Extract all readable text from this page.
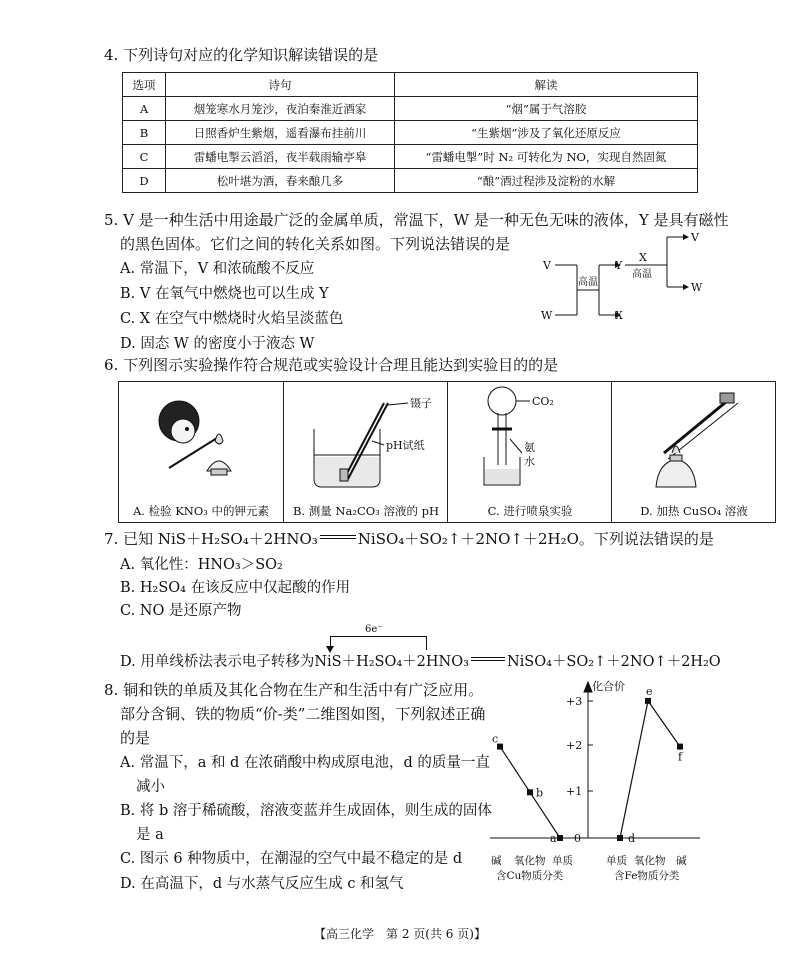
4. 下列诗句对应的化学知识解读错误的是
选项	诗句	解读
A	烟笼寒水月笼沙，夜泊秦淮近酒家	“烟”属于气溶胶
B	日照香炉生紫烟，遥看瀑布挂前川	“生紫烟”涉及了氧化还原反应
C	雷蟠电掣云滔滔，夜半载雨输亭皋	“雷蟠电掣”时 N₂ 可转化为 NO，实现自然固氮
D	松叶堪为酒，春来酿几多	“酿”酒过程涉及淀粉的水解
5. V 是一种生活中用途最广泛的金属单质，常温下，W 是一种无色无味的液体，Y 是具有磁性
的黑色固体。它们之间的转化关系如图。下列说法错误的是
A. 常温下，V 和浓硫酸不反应
B. V 在氧气中燃烧也可以生成 Y
C. X 在空气中燃烧时火焰呈淡蓝色
D. 固态 W 的密度小于液态 W
V
W
高温
Y
X
X
高温
V
W
6. 下列图示实验操作符合规范或实验设计合理且能达到实验目的的是
A. 检验 KNO₃ 中的钾元素
镊子
pH试纸
B. 测量 Na₂CO₃ 溶液的 pH
CO₂
氨
水
C. 进行喷泉实验	D. 加热 CuSO₄ 溶液
7. 已知 NiS＋H₂SO₄＋2HNO₃	NiSO₄＋SO₂↑＋2NO↑＋2H₂O。下列说法错误的是
A. 氧化性：HNO₃＞SO₂
B. H₂SO₄ 在该反应中仅起酸的作用
C. NO 是还原产物
6e⁻
D. 用单线桥法表示电子转移为NiS＋H₂SO₄＋2HNO₃	NiSO₄＋SO₂↑＋2NO↑＋2H₂O
8. 铜和铁的单质及其化合物在生产和生活中有广泛应用。
部分含铜、铁的物质“价-类”二维图如图，下列叙述正确
的是
A. 常温下，a 和 d 在浓硝酸中构成原电池，d 的质量一直
减小
B. 将 b 溶于稀硫酸，溶液变蓝并生成固体，则生成的固体
是 a
C. 图示 6 种物质中，在潮湿的空气中最不稳定的是 d
D. 在高温下，d 与水蒸气反应生成 c 和氢气
化合价
+3
+2
+1
0
碱 氧化物 单质	单质 氧化物 碱
含Cu物质分类	含Fe物质分类
c
b
a	d
e
f
【高三化学　第 2 页(共 6 页)】
